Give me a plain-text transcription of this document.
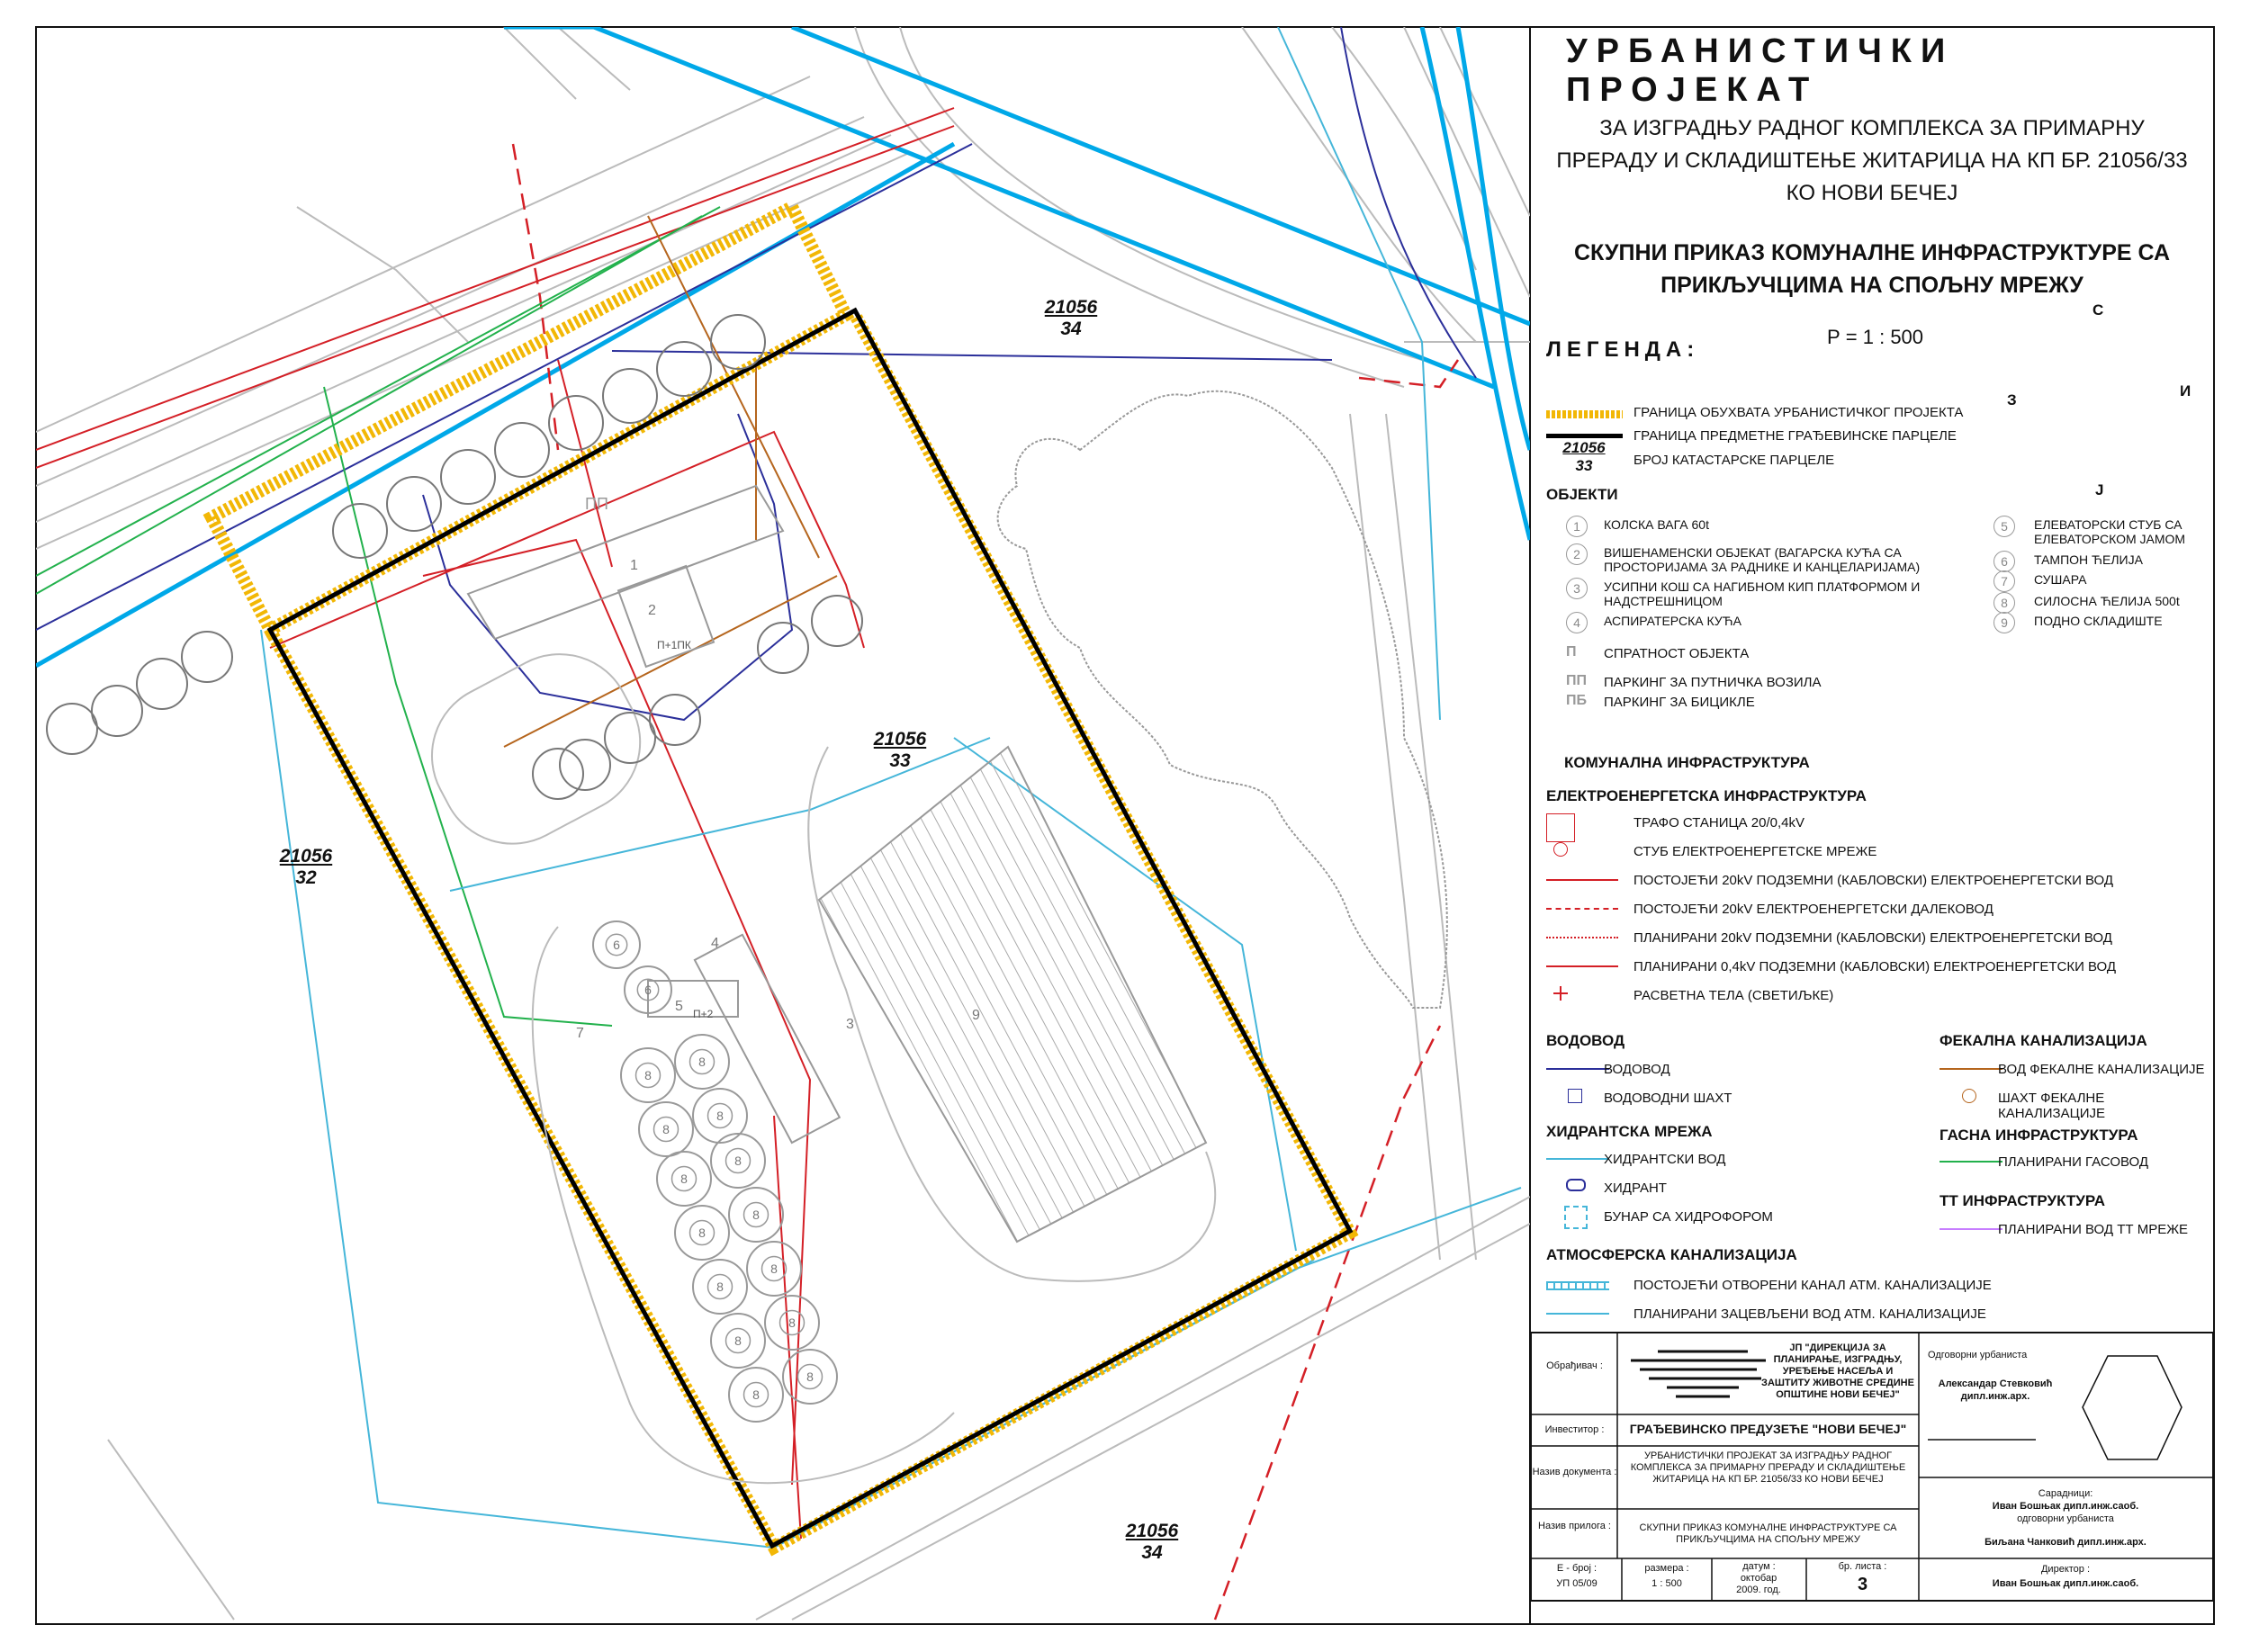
8
8
8
8
8
8
8
8
8
8
8
8
8
8
6
6
21056
34
21056
33
21056
32
21056
34
ПП
П+1ПК
П+2
1
2
3
4
5
7
9

УРБАНИСТИЧКИ ПРОЈЕКАТ

ЗА ИЗГРАДЊУ РАДНОГ КОМПЛЕКСА ЗА ПРИМАРНУ
ПРЕРАДУ И СКЛАДИШТЕЊЕ ЖИТАРИЦА НА КП БР. 21056/33
КО НОВИ БЕЧЕЈ
СКУПНИ ПРИКАЗ КОМУНАЛНЕ ИНФРАСТРУКТУРЕ СА
ПРИКЉУЧЦИМА НА СПОЉНУ МРЕЖУ

ЛЕГЕНДА:

Р = 1 : 500

С

Ј

З

И

ГРАНИЦА ОБУХВАТА УРБАНИСТИЧКОГ ПРОЈЕКТА

ГРАНИЦА ПРЕДМЕТНЕ ГРАЂЕВИНСКЕ ПАРЦЕЛЕ

21056
33	БРОЈ КАТАСТАРСКЕ ПАРЦЕЛЕ

ОБЈЕКТИ

КОМУНАЛНА ИНФРАСТРУКТУРА

ЕЛЕКТРОЕНЕРГЕТСКА ИНФРАСТРУКТУРА

ВОДОВОД	ФЕКАЛНА КАНАЛИЗАЦИЈА

ХИДРАНТСКА МРЕЖА	ГАСНА ИНФРАСТРУКТУРА

ТТ ИНФРАСТРУКТУРА

АТМОСФЕРСКА КАНАЛИЗАЦИЈА

1	КОЛСКА ВАГА 60t

2	ВИШЕНАМЕНСКИ ОБЈЕКАТ (ВАГАРСКА КУЋА СА ПРОСТОРИЈАМА ЗА РАДНИКЕ И КАНЦЕЛАРИЈАМА)

3	УСИПНИ КОШ СА НАГИБНОМ КИП ПЛАТФОРМОМ И НАДСТРЕШНИЦОМ

4	АСПИРАТЕРСКА КУЋА

5	ЕЛЕВАТОРСКИ СТУБ СА ЕЛЕВАТОРСКОМ ЈАМОМ

6	ТАМПОН ЋЕЛИЈА

7	СУШАРА

8	СИЛОСНА ЋЕЛИЈА 500t

9	ПОДНО СКЛАДИШТЕ

П СПРАТНОСТ ОБЈЕКТА

ПП ПАРКИНГ ЗА ПУТНИЧКА ВОЗИЛА

ПБ ПАРКИНГ ЗА БИЦИКЛЕ

ТРАФО СТАНИЦА 20/0,4kV

СТУБ ЕЛЕКТРОЕНЕРГЕТСКЕ МРЕЖЕ

ПОСТОЈЕЋИ 20kV ПОДЗЕМНИ (КАБЛОВСКИ) ЕЛЕКТРОЕНЕРГЕТСКИ ВОД

ПОСТОЈЕЋИ 20kV ЕЛЕКТРОЕНЕРГЕТСКИ ДАЛЕКОВОД

ПЛАНИРАНИ 20kV ПОДЗЕМНИ (КАБЛОВСКИ) ЕЛЕКТРОЕНЕРГЕТСКИ ВОД

ПЛАНИРАНИ 0,4kV ПОДЗЕМНИ (КАБЛОВСКИ) ЕЛЕКТРОЕНЕРГЕТСКИ ВОД

РАСВЕТНА ТЕЛА (СВЕТИЉКЕ)

ВОДОВОД

ВОДОВОДНИ ШАХТ

ВОД ФЕКАЛНЕ КАНАЛИЗАЦИЈЕ

ШАХТ ФЕКАЛНЕ КАНАЛИЗАЦИЈЕ

ХИДРАНТСКИ ВОД

ХИДРАНТ

БУНАР СА ХИДРОФОРОМ

ПЛАНИРАНИ ГАСОВОД

ПЛАНИРАНИ ВОД ТТ МРЕЖЕ

ПОСТОЈЕЋИ ОТВОРЕНИ КАНАЛ АТМ. КАНАЛИЗАЦИЈЕ

ПЛАНИРАНИ ЗАЦЕВЉЕНИ ВОД АТМ. КАНАЛИЗАЦИЈЕ

Обрађивач :
ЈП "ДИРЕКЦИЈА ЗА ПЛАНИРАЊЕ, ИЗГРАДЊУ, УРЕЂЕЊЕ НАСЕЉА И ЗАШТИТУ ЖИВОТНЕ СРЕДИНЕ ОПШТИНЕ НОВИ БЕЧЕЈ"
Инвеститор :	ГРАЂЕВИНСКО ПРЕДУЗЕЋЕ "НОВИ БЕЧЕЈ"
Назив документа :
УРБАНИСТИЧКИ ПРОЈЕКАТ ЗА ИЗГРАДЊУ РАДНОГ КОМПЛЕКСА ЗА ПРИМАРНУ ПРЕРАДУ И СКЛАДИШТЕЊЕ ЖИТАРИЦА НА КП БР. 21056/33 КО НОВИ БЕЧЕЈ
Назив прилога :	СКУПНИ ПРИКАЗ КОМУНАЛНЕ ИНФРАСТРУКТУРЕ СА ПРИКЉУЧЦИМА НА СПОЉНУ МРЕЖУ
Е - број :
УП 05/09
размера :
1 : 500
датум :
октобар 2009. год.
бр. листа :
3
Одговорни урбаниста
Александар Стевковић
дипл.инж.арх.
Сарадници:
Иван Бошњак дипл.инж.саоб.
одговорни урбаниста
Биљана Чанковић дипл.инж.арх.
Директор :
Иван Бошњак дипл.инж.саоб.
